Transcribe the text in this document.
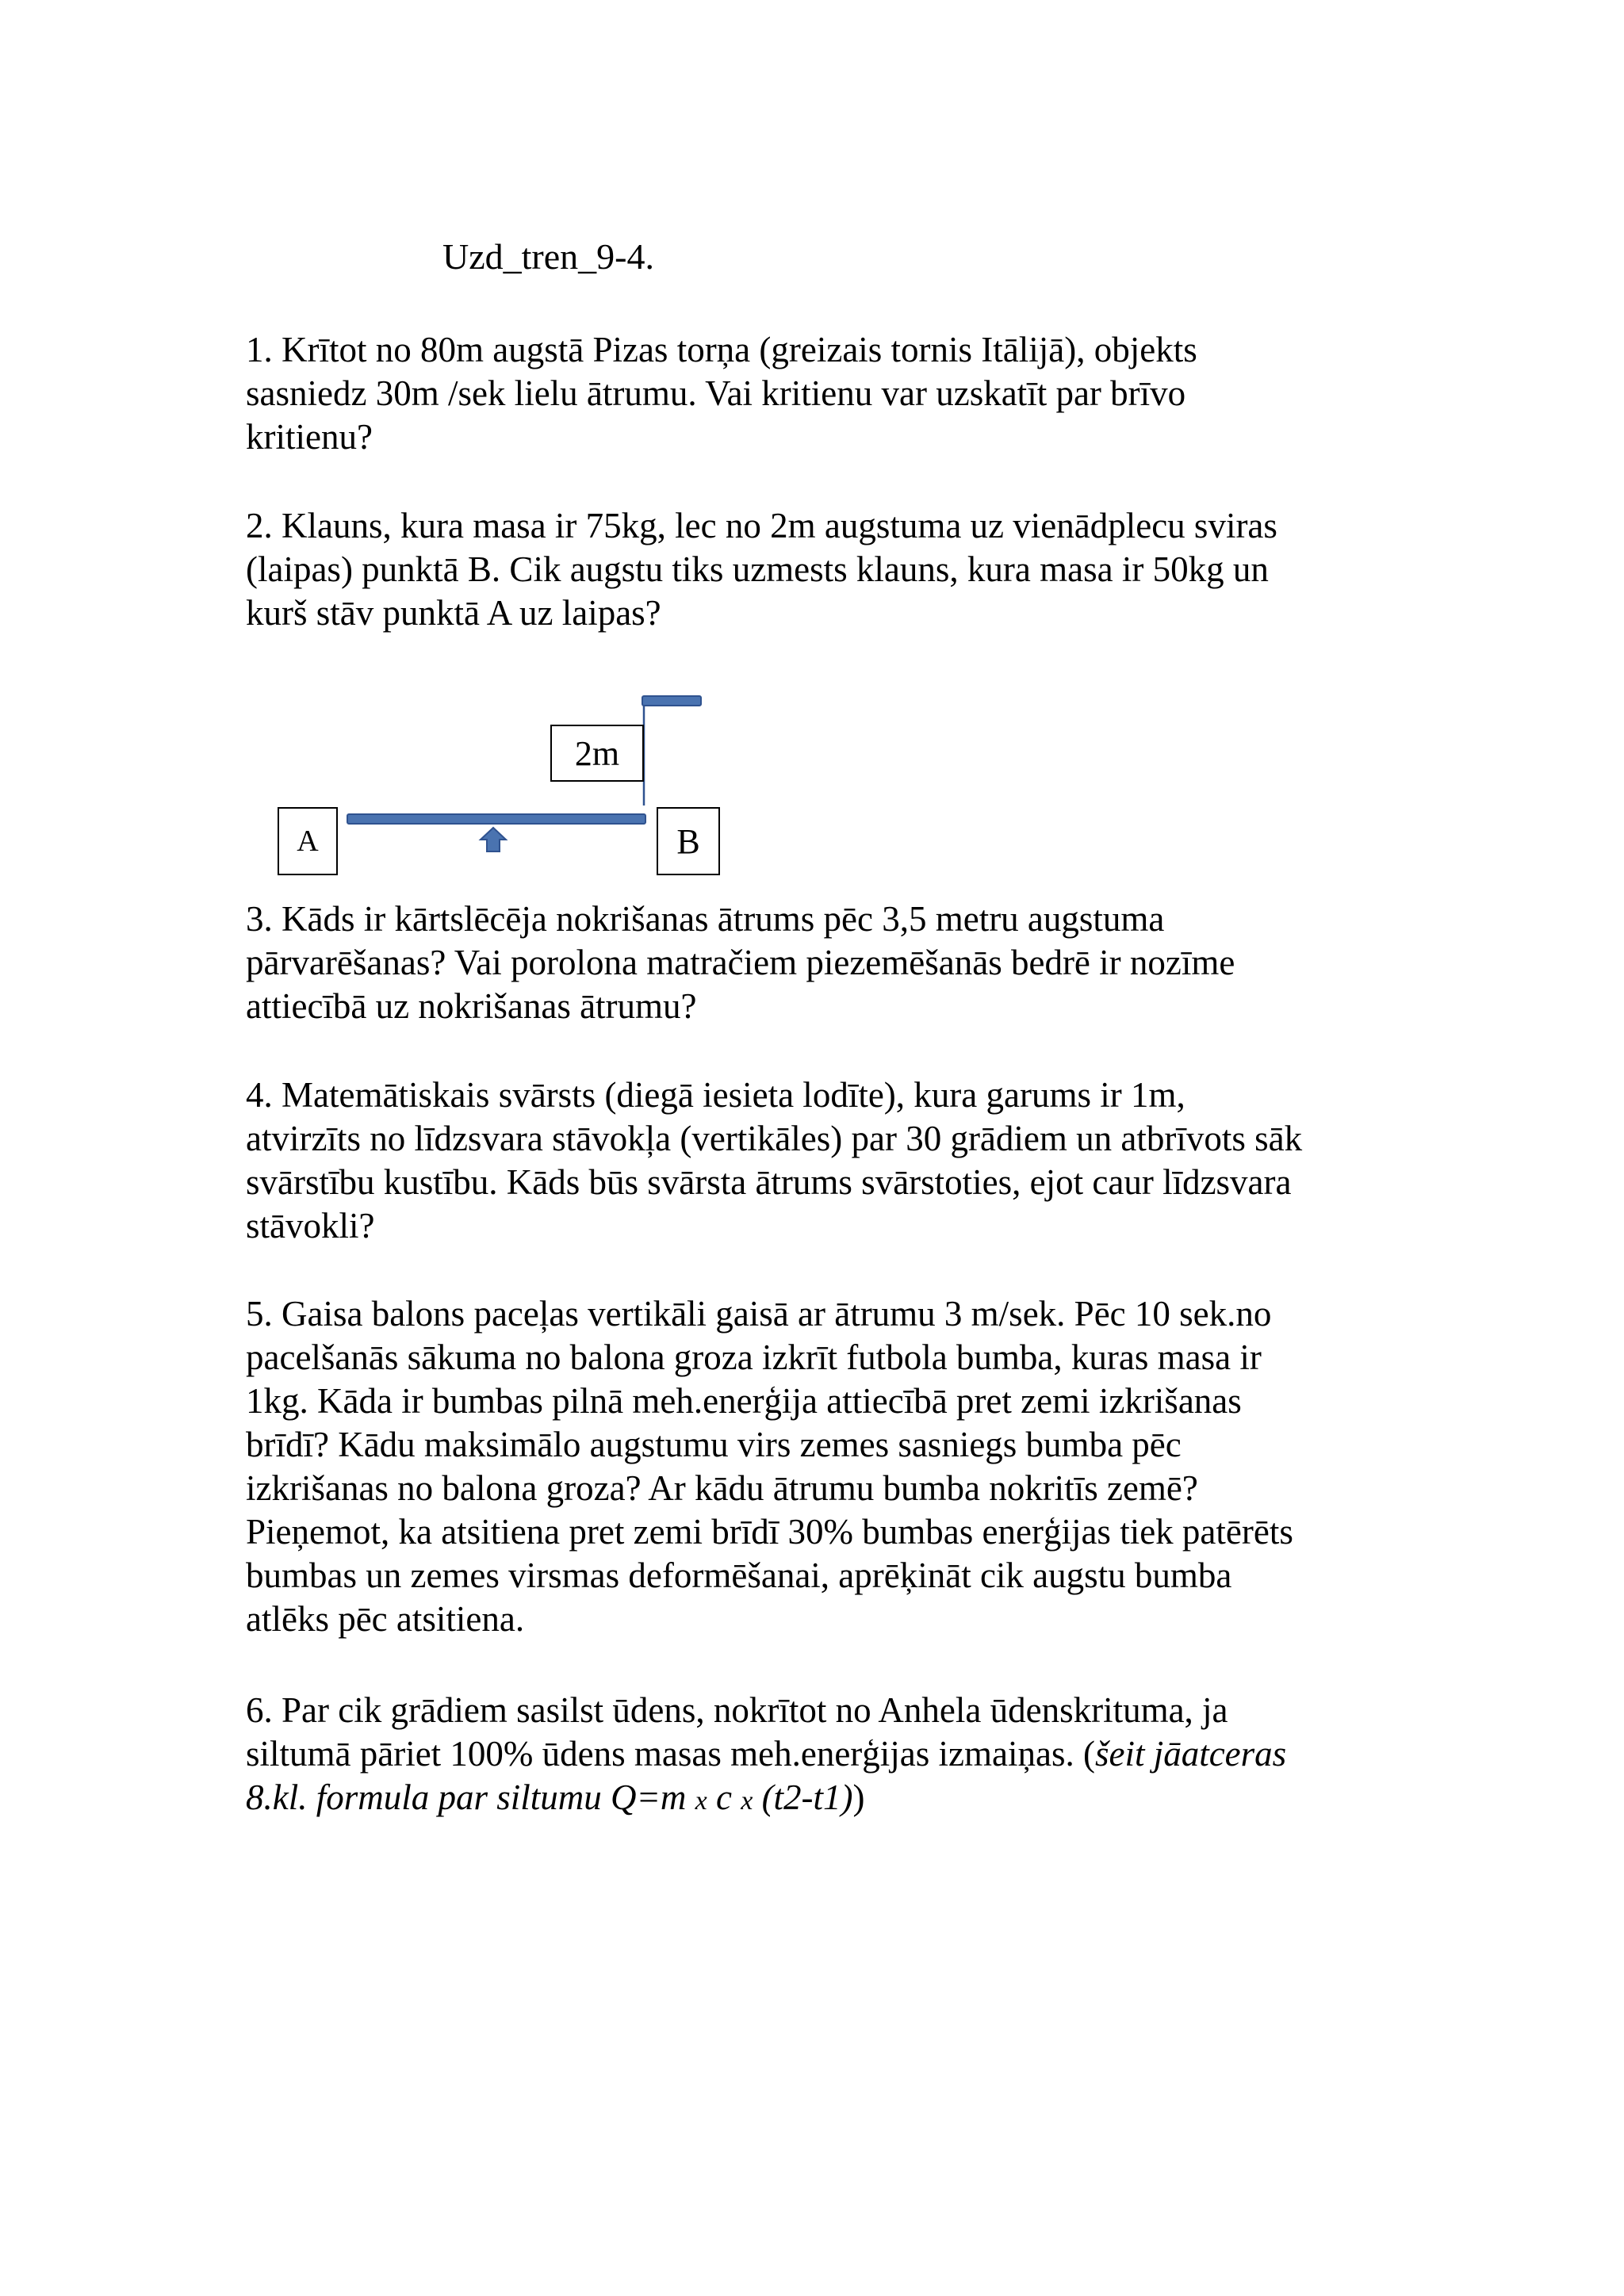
Uzd_tren_9-4.
1. Krītot no 80m augstā Pizas torņa (greizais tornis Itālijā), objekts
sasniedz 30m /sek lielu ātrumu. Vai kritienu var uzskatīt par brīvo
kritienu?
2. Klauns, kura masa ir 75kg, lec no 2m augstuma uz vienādplecu sviras
(laipas) punktā B. Cik augstu tiks uzmests klauns, kura masa ir 50kg un
kurš stāv punktā A uz laipas?
2m
A	B
3. Kāds ir kārtslēcēja nokrišanas ātrums pēc 3,5 metru augstuma
pārvarēšanas? Vai porolona matračiem piezemēšanās bedrē ir nozīme
attiecībā uz nokrišanas ātrumu?
4. Matemātiskais svārsts (diegā iesieta lodīte), kura garums ir 1m,
atvirzīts no līdzsvara stāvokļa (vertikāles) par 30 grādiem un atbrīvots sāk
svārstību kustību. Kāds būs svārsta ātrums svārstoties, ejot caur līdzsvara
stāvokli?
5. Gaisa balons paceļas vertikāli gaisā ar ātrumu 3 m/sek. Pēc 10 sek.no
pacelšanās sākuma no balona groza izkrīt futbola bumba, kuras masa ir
1kg. Kāda ir bumbas pilnā meh.enerģija attiecībā pret zemi izkrišanas
brīdī? Kādu maksimālo augstumu virs zemes sasniegs bumba pēc
izkrišanas no balona groza? Ar kādu ātrumu bumba nokritīs zemē?
Pieņemot, ka atsitiena pret zemi brīdī 30% bumbas enerģijas tiek patērēts
bumbas un zemes virsmas deformēšanai, aprēķināt cik augstu bumba
atlēks pēc atsitiena.
6. Par cik grādiem sasilst ūdens, nokrītot no Anhela ūdenskrituma, ja
siltumā pāriet 100% ūdens masas meh.enerģijas izmaiņas. (šeit jāatceras
8.kl. formula par siltumu Q=m x c x (t2-t1))
